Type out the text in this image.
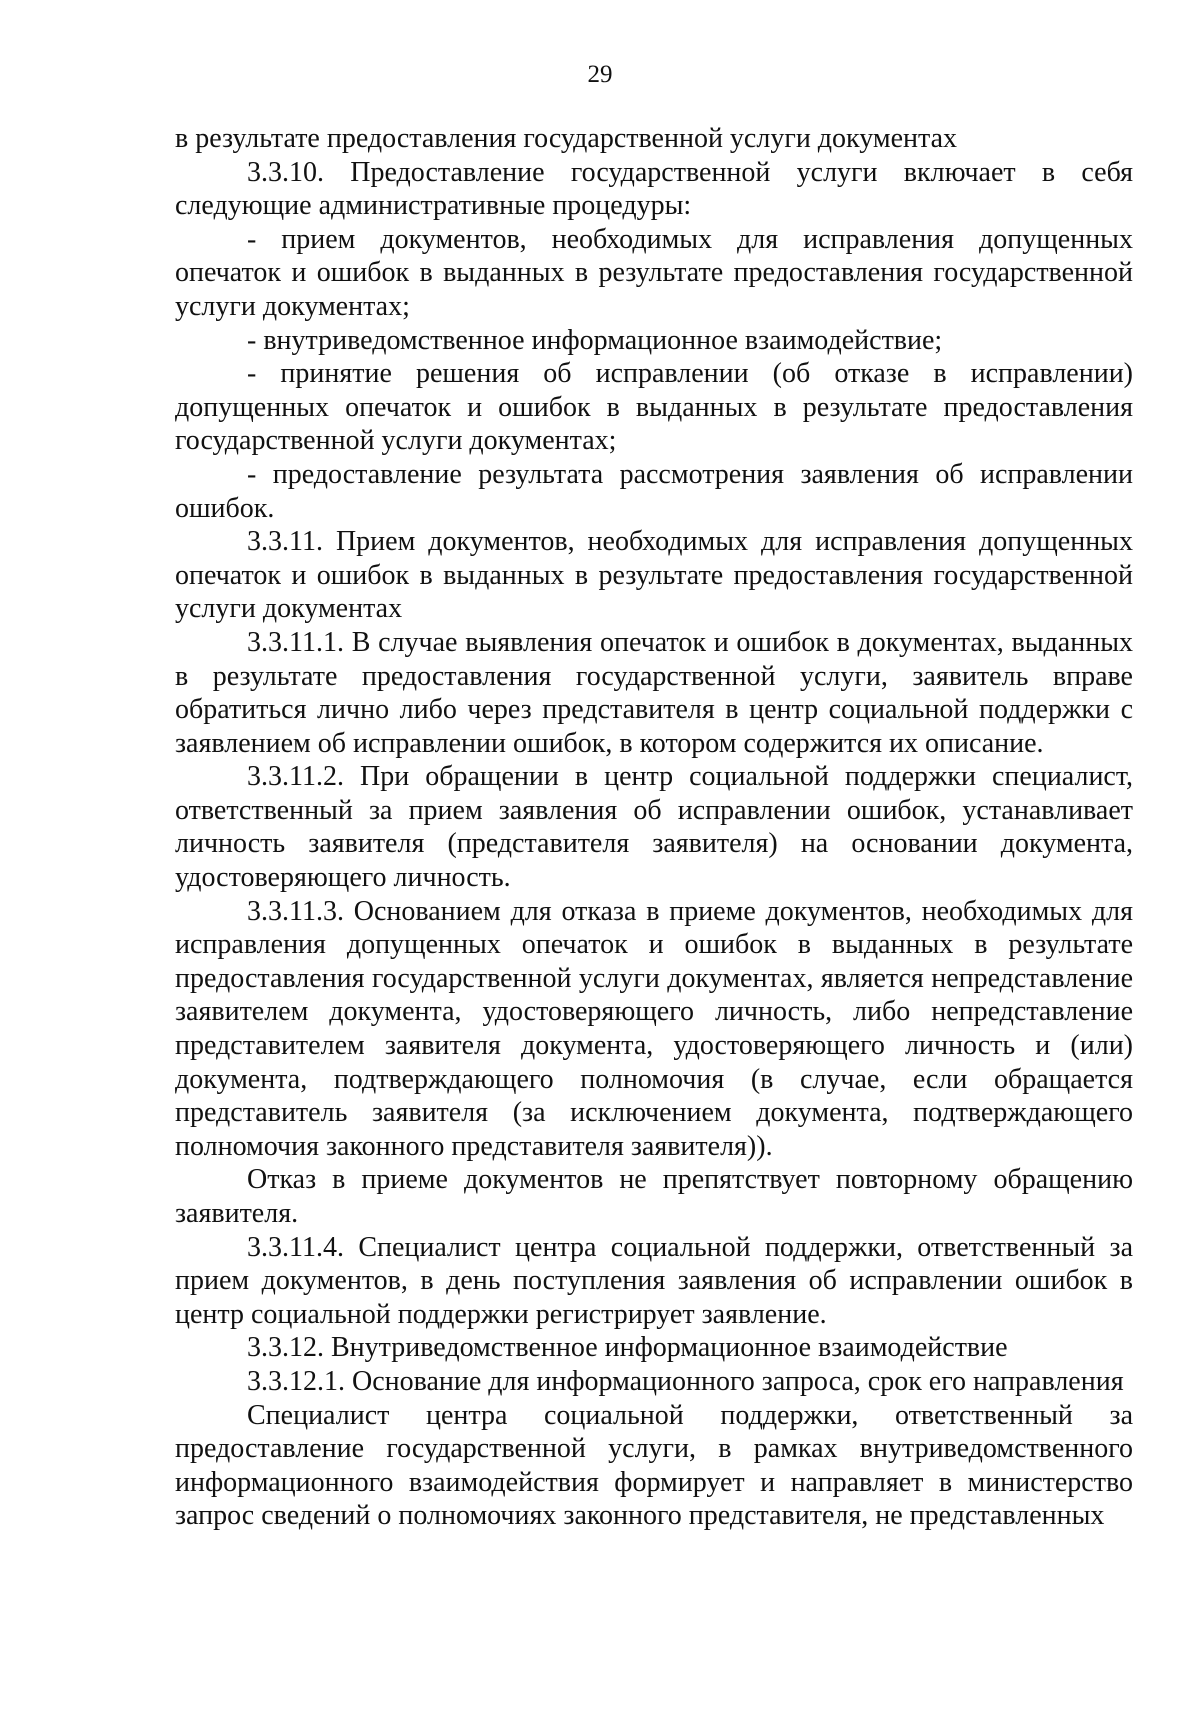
29

в результате предоставления государственной услуги документах

3.3.10. Предоставление государственной услуги включает в себя следующие административные процедуры:

- прием документов, необходимых для исправления допущенных опечаток и ошибок в выданных в результате предоставления государственной услуги документах;

- внутриведомственное информационное взаимодействие;

- принятие решения об исправлении (об отказе в исправлении) допущенных опечаток и ошибок в выданных в результате предоставления государственной услуги документах;

- предоставление результата рассмотрения заявления об исправлении ошибок.

3.3.11. Прием документов, необходимых для исправления допущенных опечаток и ошибок в выданных в результате предоставления государственной услуги документах

3.3.11.1. В случае выявления опечаток и ошибок в документах, выданных в результате предоставления государственной услуги, заявитель вправе обратиться лично либо через представителя в центр социальной поддержки с заявлением об исправлении ошибок, в котором содержится их описание.

3.3.11.2. При обращении в центр социальной поддержки специалист, ответственный за прием заявления об исправлении ошибок, устанавливает личность заявителя (представителя заявителя) на основании документа, удостоверяющего личность.

3.3.11.3. Основанием для отказа в приеме документов, необходимых для исправления допущенных опечаток и ошибок в выданных в результате предоставления государственной услуги документах, является непредставление заявителем документа, удостоверяющего личность, либо непредставление представителем заявителя документа, удостоверяющего личность и (или) документа, подтверждающего полномочия (в случае, если обращается представитель заявителя (за исключением документа, подтверждающего полномочия законного представителя заявителя)).

Отказ в приеме документов не препятствует повторному обращению заявителя.

3.3.11.4. Специалист центра социальной поддержки, ответственный за прием документов, в день поступления заявления об исправлении ошибок в центр социальной поддержки регистрирует заявление.

3.3.12. Внутриведомственное информационное взаимодействие

3.3.12.1. Основание для информационного запроса, срок его направления

Специалист центра социальной поддержки, ответственный за предоставление государственной услуги, в рамках внутриведомственного информационного взаимодействия формирует и направляет в министерство запрос сведений о полномочиях законного представителя, не представленных
